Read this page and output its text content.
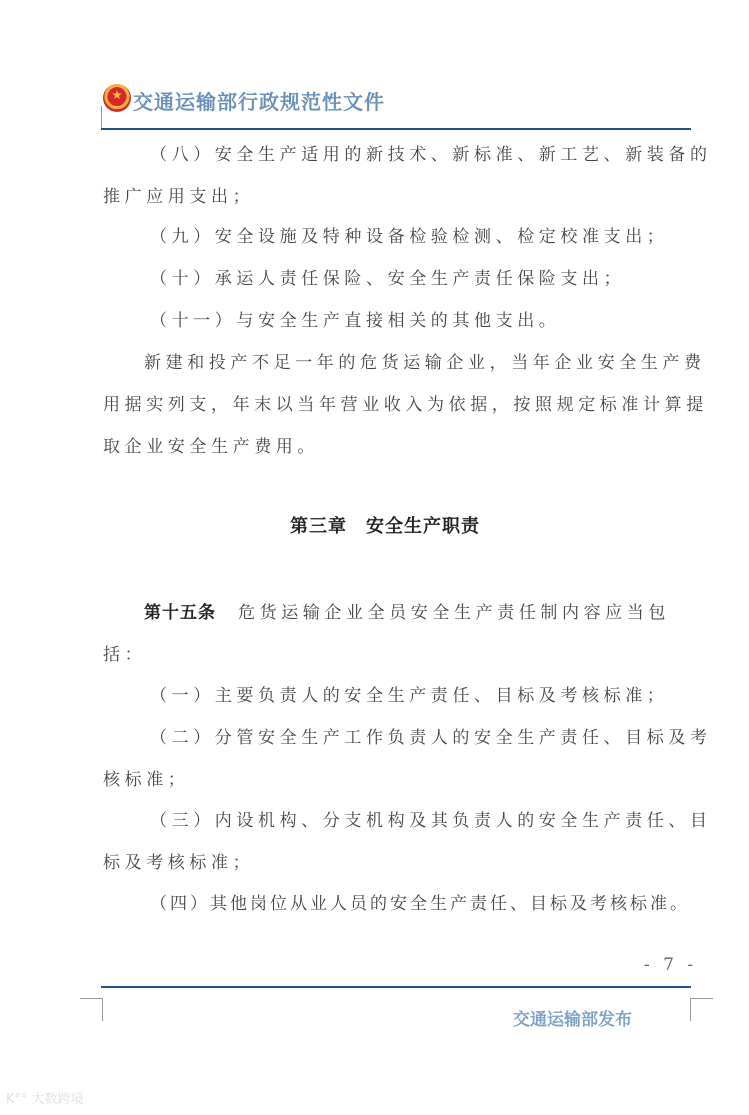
交通运输部行政规范性文件
（八）安全生产适用的新技术、新标准、新工艺、新装备的
推广应用支出；
（九）安全设施及特种设备检验检测、检定校准支出；
（十）承运人责任保险、安全生产责任保险支出；
（十一）与安全生产直接相关的其他支出。
新建和投产不足一年的危货运输企业，当年企业安全生产费
用据实列支，年末以当年营业收入为依据，按照规定标准计算提
取企业安全生产费用。
第三章　安全生产职责
第十五条 危货运输企业全员安全生产责任制内容应当包
括：
（一）主要负责人的安全生产责任、目标及考核标准；
（二）分管安全生产工作负责人的安全生产责任、目标及考
核标准；
（三）内设机构、分支机构及其负责人的安全生产责任、目
标及考核标准；
（四）其他岗位从业人员的安全生产责任、目标及考核标准。
- 7 -
交通运输部发布
K°° 大数跨境
